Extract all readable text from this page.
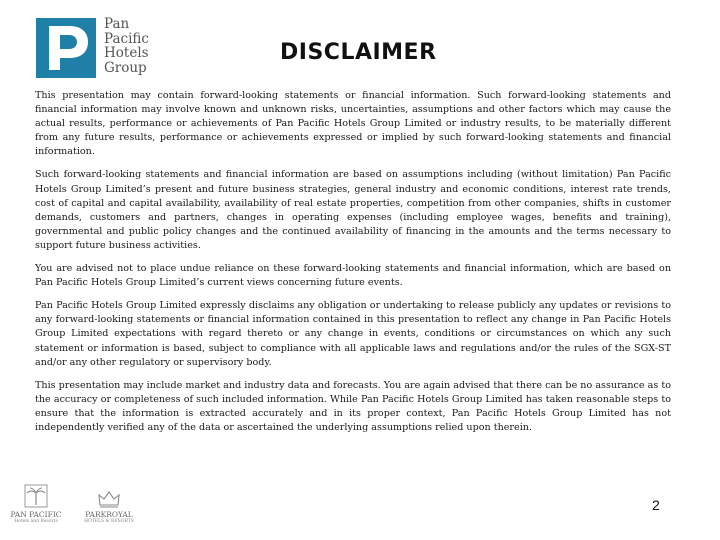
Pan
Pacific
Hotels
Group
DISCLAIMER

This presentation may contain forward-looking statements or financial information. Such forward-looking statements and financial information may involve known and unknown risks, uncertainties, assumptions and other factors which may cause the actual results, performance or achievements of Pan Pacific Hotels Group Limited or industry results, to be materially different from any future results, performance or achievements expressed or implied by such forward-looking statements and financial information.

Such forward-looking statements and financial information are based on assumptions including (without limitation) Pan Pacific Hotels Group Limited’s present and future business strategies, general industry and economic conditions, interest rate trends, cost of capital and capital availability, availability of real estate properties, competition from other companies, shifts in customer demands, customers and partners, changes in operating expenses (including employee wages, benefits and training), governmental and public policy changes and the continued availability of financing in the amounts and the terms necessary to support future business activities.

You are advised not to place undue reliance on these forward-looking statements and financial information, which are based on Pan Pacific Hotels Group Limited’s current views concerning future events.

Pan Pacific Hotels Group Limited expressly disclaims any obligation or undertaking to release publicly any updates or revisions to any forward-looking statements or financial information contained in this presentation to reflect any change in Pan Pacific Hotels Group Limited expectations with regard thereto or any change in events, conditions or circumstances on which any such statement or information is based, subject to compliance with all applicable laws and regulations and/or the rules of the SGX-ST and/or any other regulatory or supervisory body.

This presentation may include market and industry data and forecasts. You are again advised that there can be no assurance as to the accuracy or completeness of such included information. While Pan Pacific Hotels Group Limited has taken reasonable steps to ensure that the information is extracted accurately and in its proper context, Pan Pacific Hotels Group Limited has not independently verified any of the data or ascertained the underlying assumptions relied upon therein.

PAN PACIFIC
Hotels and Resorts
PARKROYAL
HOTELS & RESORTS
2
